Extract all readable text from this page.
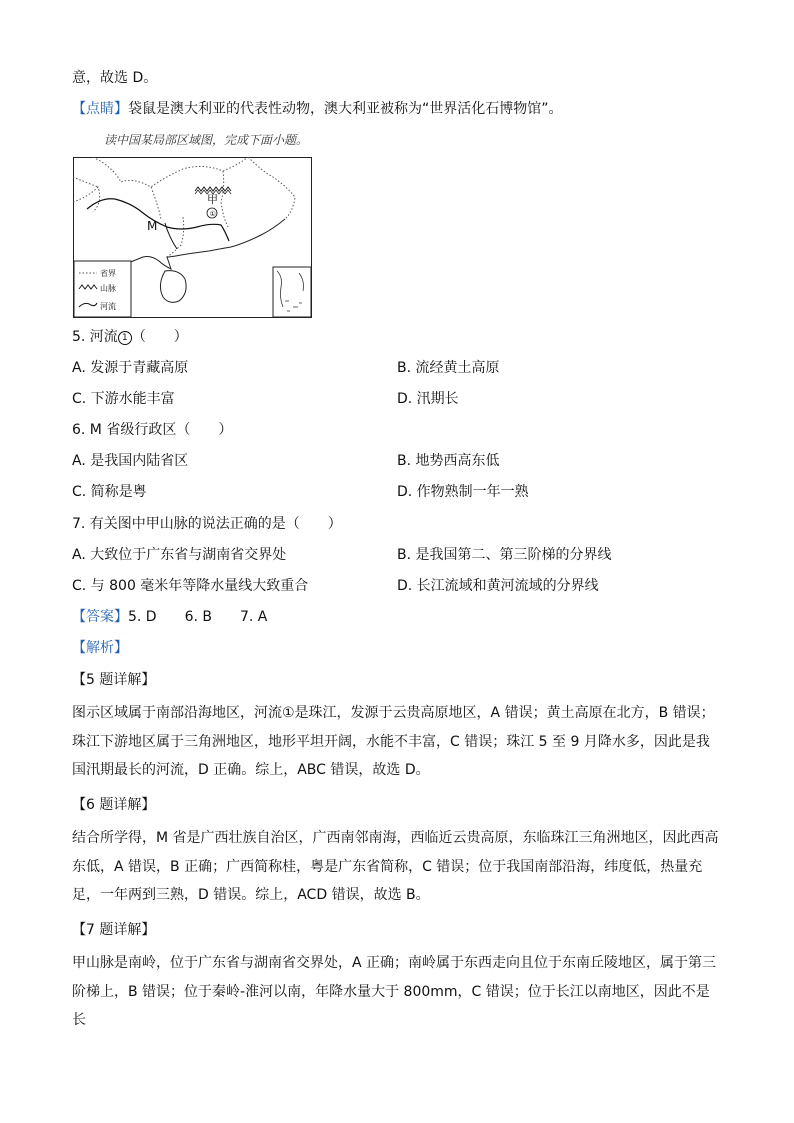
意，故选 D。
【点睛】袋鼠是澳大利亚的代表性动物，澳大利亚被称为“世界活化石博物馆”。
读中国某局部区域图，完成下面小题。
甲
①
M
省界
山脉
河流
5. 河流 1 （　　）
A. 发源于青藏高原	B. 流经黄土高原
C. 下游水能丰富	D. 汛期长
6. M 省级行政区（　　）
A. 是我国内陆省区	B. 地势西高东低
C. 简称是粤	D. 作物熟制一年一熟
7. 有关图中甲山脉的说法正确的是（　　）
A. 大致位于广东省与湖南省交界处	B. 是我国第二、第三阶梯的分界线
C. 与 800 毫米年等降水量线大致重合	D. 长江流域和黄河流域的分界线
【答案】5. D　　6. B　　7. A
【解析】
【5 题详解】
图示区域属于南部沿海地区，河流①是珠江，发源于云贵高原地区，A 错误；黄土高原在北方，B 错误；珠江下游地区属于三角洲地区，地形平坦开阔，水能不丰富，C 错误；珠江 5 至 9 月降水多，因此是我国汛期最长的河流，D 正确。综上，ABC 错误，故选 D。
【6 题详解】
结合所学得，M 省是广西壮族自治区，广西南邻南海，西临近云贵高原，东临珠江三角洲地区，因此西高东低，A 错误，B 正确；广西简称桂，粤是广东省简称，C 错误；位于我国南部沿海，纬度低，热量充足，一年两到三熟，D 错误。综上，ACD 错误，故选 B。
【7 题详解】
甲山脉是南岭，位于广东省与湖南省交界处，A 正确；南岭属于东西走向且位于东南丘陵地区，属于第三阶梯上，B 错误；位于秦岭-淮河以南，年降水量大于 800mm，C 错误；位于长江以南地区，因此不是长
